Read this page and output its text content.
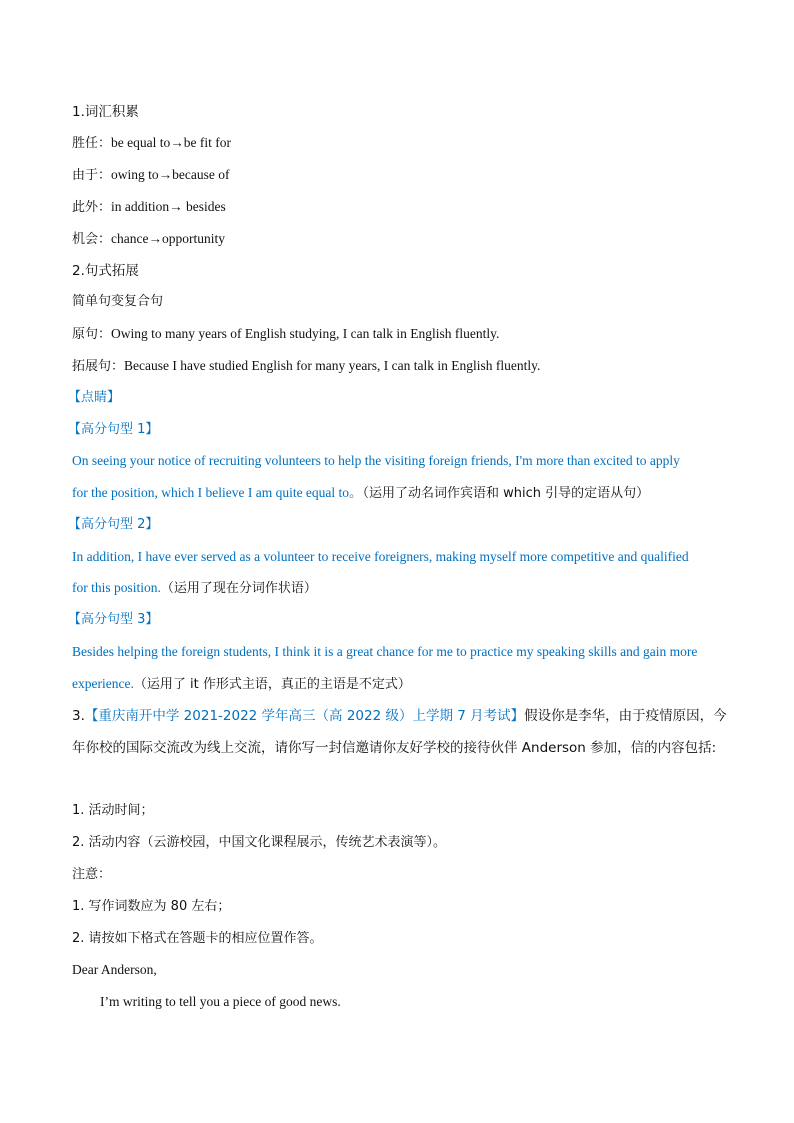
1.词汇积累
胜任：be equal to→be fit for
由于：owing to→because of
此外：in addition→ besides
机会：chance→opportunity
2.句式拓展
简单句变复合句
原句：Owing to many years of English studying, I can talk in English fluently.
拓展句：Because I have studied English for many years, I can talk in English fluently.
【点睛】
【高分句型 1】
On seeing your notice of recruiting volunteers to help the visiting foreign friends, I'm more than excited to apply
for the position, which I believe I am quite equal to。（运用了动名词作宾语和 which 引导的定语从句）
【高分句型 2】
In addition, I have ever served as a volunteer to receive foreigners, making myself more competitive and qualified
for this position.（运用了现在分词作状语）
【高分句型 3】
Besides helping the foreign students, I think it is a great chance for me to practice my speaking skills and gain more
experience.（运用了 it 作形式主语，真正的主语是不定式）
3.【重庆南开中学 2021-2022 学年高三（高 2022 级）上学期 7 月考试】假设你是李华，由于疫情原因，今
年你校的国际交流改为线上交流，请你写一封信邀请你友好学校的接待伙伴 Anderson 参加，信的内容包括:
1. 活动时间；
2. 活动内容（云游校园，中国文化课程展示，传统艺术表演等）。
注意：
1. 写作词数应为 80 左右；
2. 请按如下格式在答题卡的相应位置作答。
Dear Anderson,
I’m writing to tell you a piece of good news.
